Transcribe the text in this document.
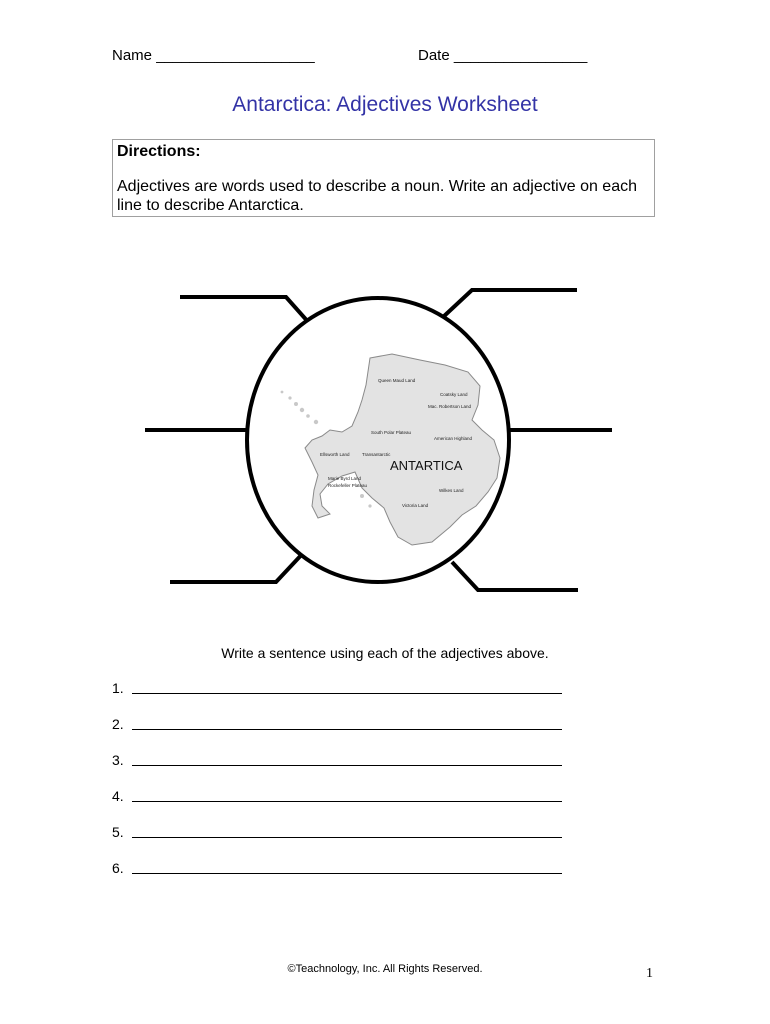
Name ___________________	Date ________________
Antarctica: Adjectives Worksheet
Directions:
Adjectives are words used to describe a noun. Write an adjective on each line to describe Antarctica.
Queen Maud Land
Coatsky Land
Mac. Robertson Land
South Polar Plateau
American Highland
Ellsworth Land	Transantarctic
ANTARTICA
Marie Byrd Land
Rockefeller Plateau
Wilkes Land
Victoria Land
Write a sentence using each of the adjectives above.
1.
2.
3.
4.
5.
6.
©Teachnology, Inc. All Rights Reserved.	1
